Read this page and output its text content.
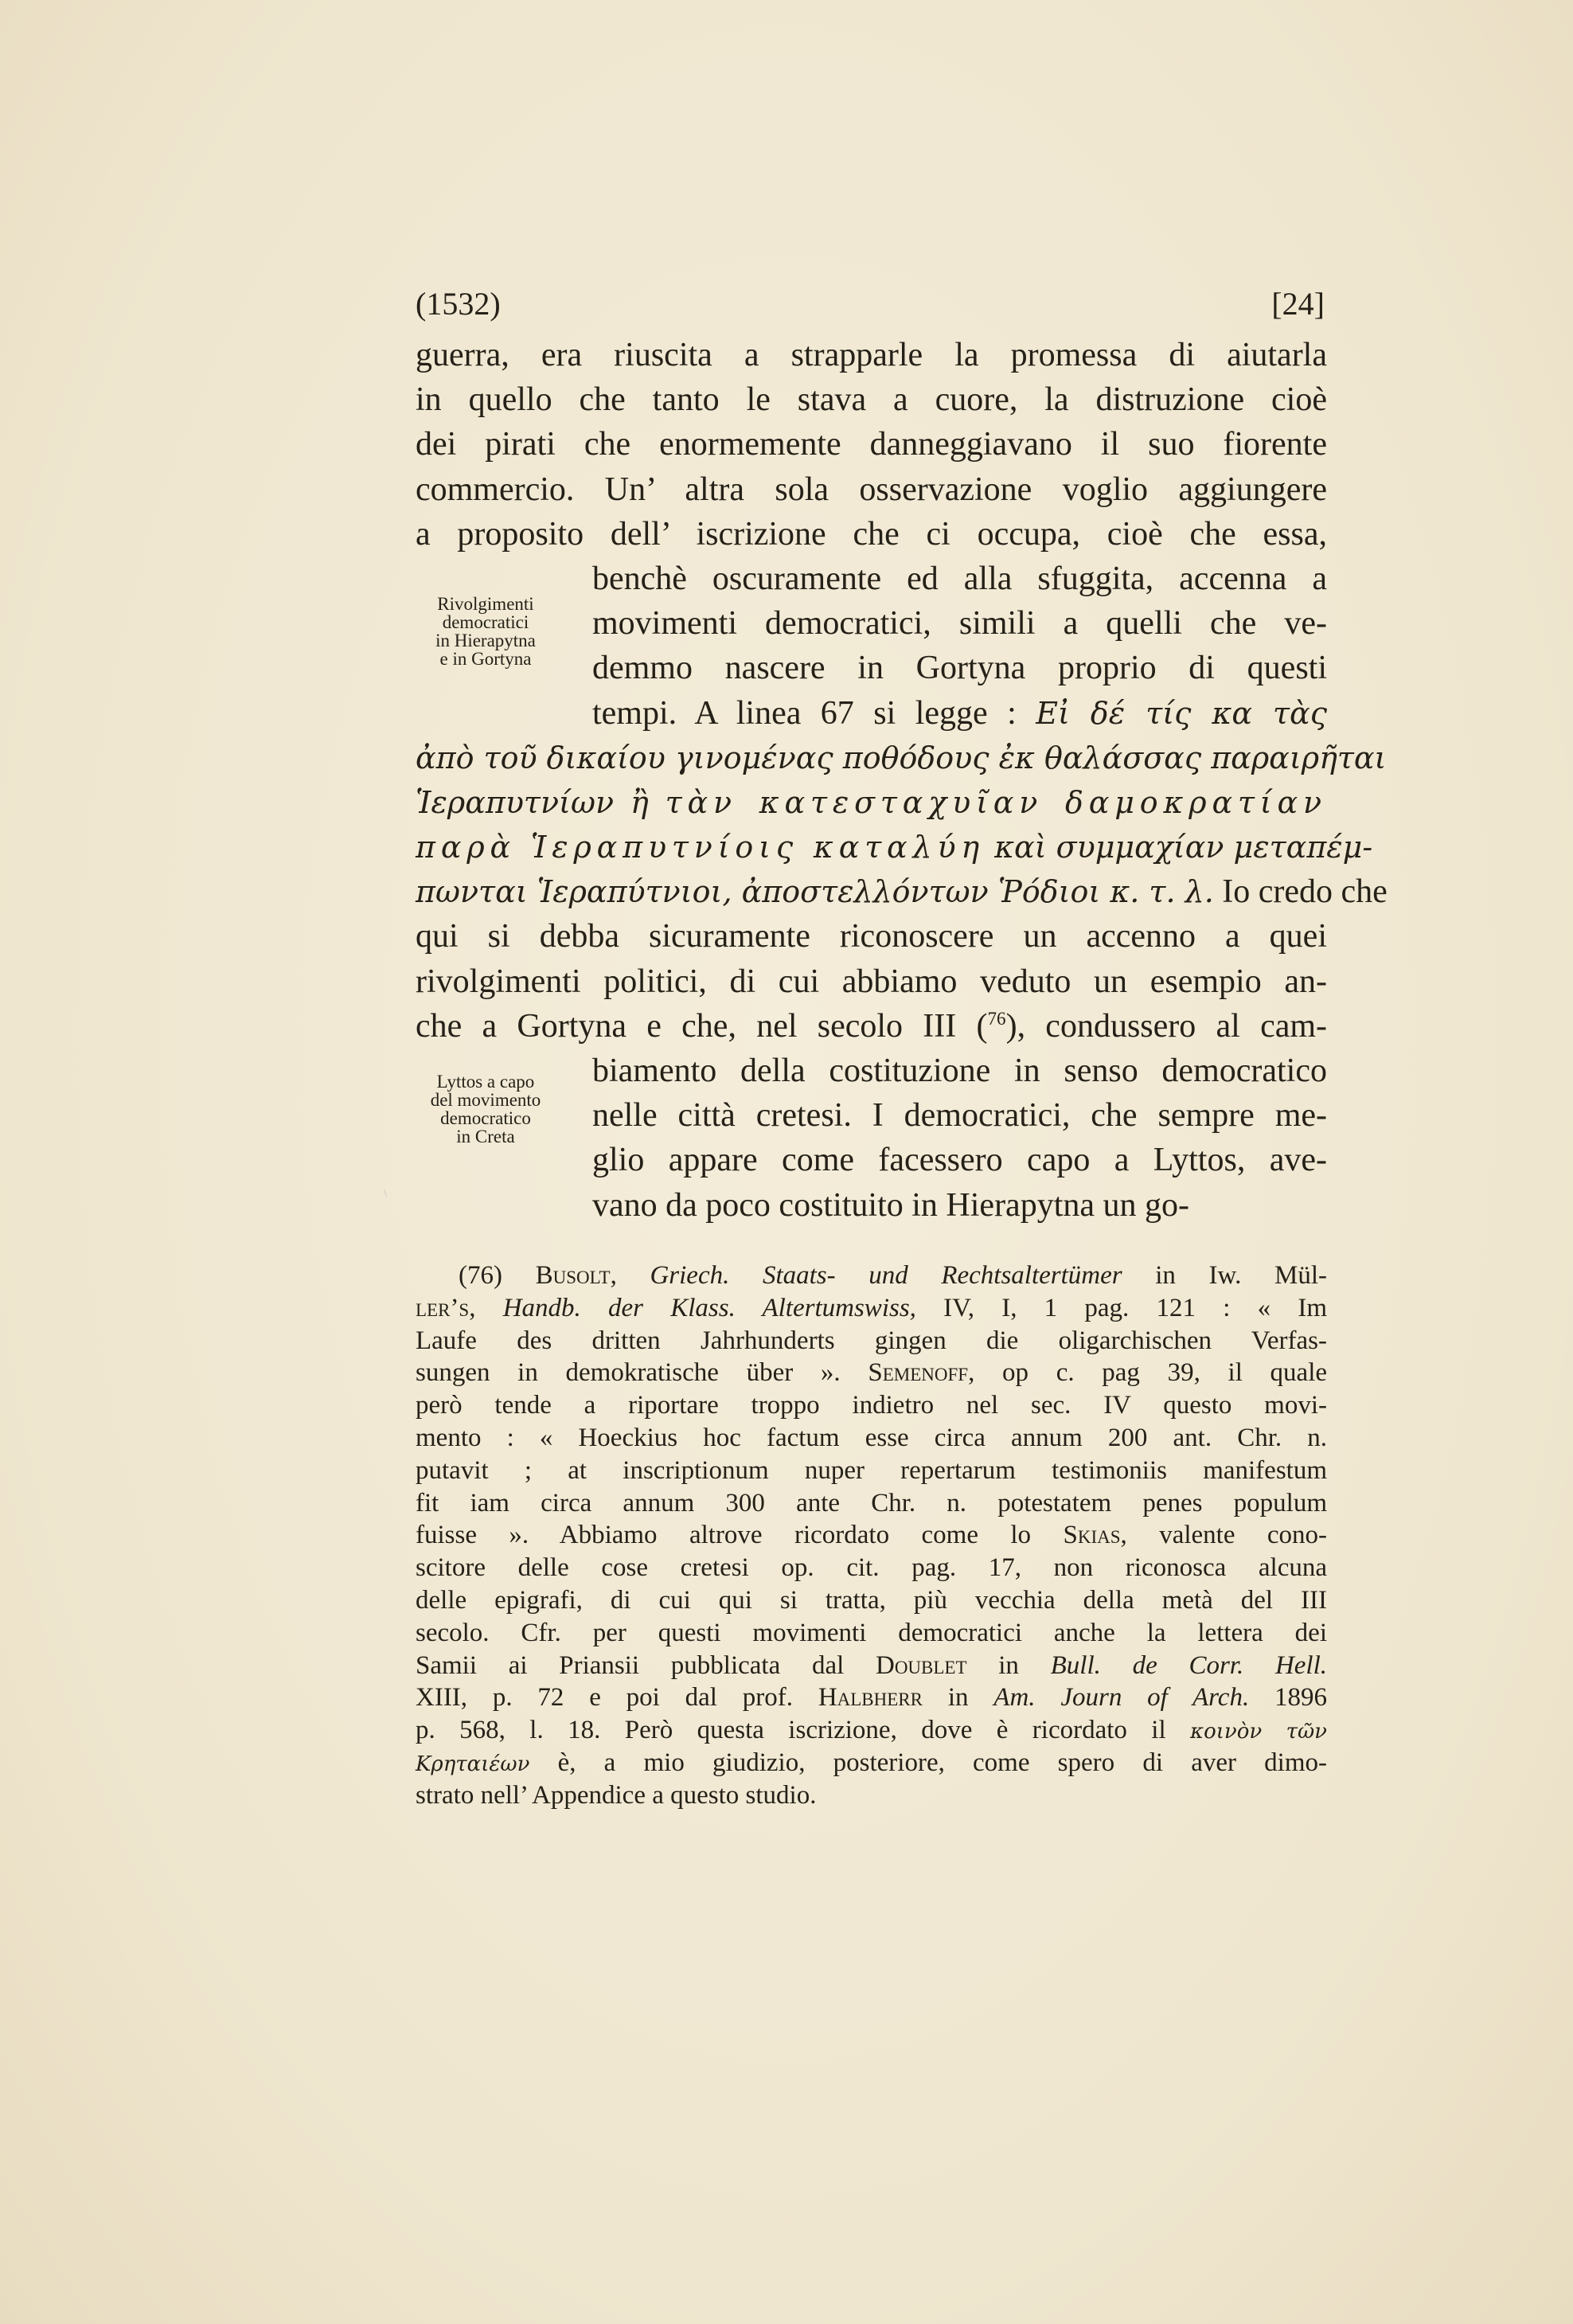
(1532)	[24]
Rivolgimenti
democratici
in Hierapytna
e in Gortyna
Lyttos a capo
del movimento
democratico
in Creta
guerra, era riuscita a strapparle la promessa di aiutarla
in quello che tanto le stava a cuore, la distruzione cioè
dei pirati che enormemente danneggiavano il suo fiorente
commercio. Un’ altra sola osservazione voglio aggiungere
a proposito dell’ iscrizione che ci occupa, cioè che essa,
benchè oscuramente ed alla sfuggita, accenna a
movimenti democratici, simili a quelli che ve-
demmo nascere in Gortyna proprio di questi
tempi. A linea 67 si legge : Εἰ δέ τίς κα τὰς
ἀπὸ τοῦ δικαίου γινομένας ποθόδους ἐκ θαλάσσας παραιρῆται
Ἱεραπυτνίων ἢ τὰν κατεσταχυῖαν δαμοκρατίαν
παρὰ Ἱεραπυτνίοις καταλύη καὶ συμμαχίαν μεταπέμ-
πωνται Ἱεραπύτνιοι, ἀποστελλόντων Ῥόδιοι κ. τ. λ. Io credo che
qui si debba sicuramente riconoscere un accenno a quei
rivolgimenti politici, di cui abbiamo veduto un esempio an-
che a Gortyna e che, nel secolo III ($^{76}$), condussero al cam-
biamento della costituzione in senso democratico
nelle città cretesi. I democratici, che sempre me-
glio appare come facessero capo a Lyttos, ave-
vano da poco costituito in Hierapytna un go-
\
(76) Busolt, Griech. Staats- und Rechtsaltertümer in Iw. Mül-
ler’s, Handb. der Klass. Altertumswiss, IV, I, 1 pag. 121 : « Im
Laufe des dritten Jahrhunderts gingen die oligarchischen Verfas-
sungen in demokratische über ». Semenoff, op c. pag 39, il quale
però tende a riportare troppo indietro nel sec. IV questo movi-
mento : « Hoeckius hoc factum esse circa annum 200 ant. Chr. n.
putavit ; at inscriptionum nuper repertarum testimoniis manifestum
fit iam circa annum 300 ante Chr. n. potestatem penes populum
fuisse ». Abbiamo altrove ricordato come lo Skias, valente cono-
scitore delle cose cretesi op. cit. pag. 17, non riconosca alcuna
delle epigrafi, di cui qui si tratta, più vecchia della metà del III
secolo. Cfr. per questi movimenti democratici anche la lettera dei
Samii ai Priansii pubblicata dal Doublet in Bull. de Corr. Hell.
XIII, p. 72 e poi dal prof. Halbherr in Am. Journ of Arch. 1896
p. 568, l. 18. Però questa iscrizione, dove è ricordato il κοινὸν τῶν
Κρηταιέων è, a mio giudizio, posteriore, come spero di aver dimo-
strato nell’ Appendice a questo studio.
